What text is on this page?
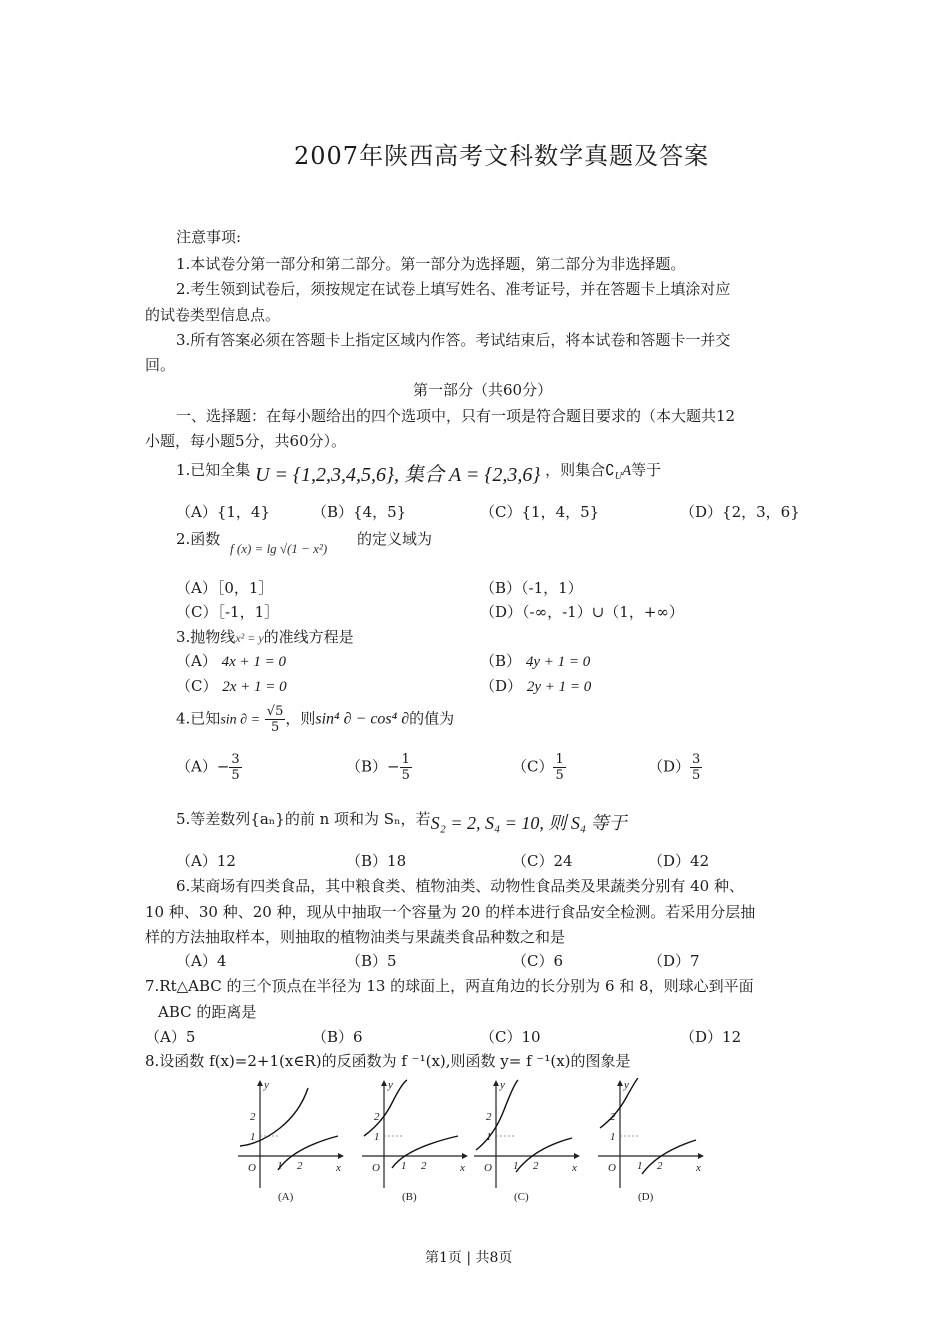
2007年陕西高考文科数学真题及答案
注意事项:
1.本试卷分第一部分和第二部分。第一部分为选择题，第二部分为非选择题。
2.考生领到试卷后，须按规定在试卷上填写姓名、准考证号，并在答题卡上填涂对应
的试卷类型信息点。
3.所有答案必须在答题卡上指定区域内作答。考试结束后，将本试卷和答题卡一并交
回。
第一部分（共60分）
一、选择题：在每小题给出的四个选项中，只有一项是符合题目要求的（本大题共12
小题，每小题5分，共60分）。
1.已知全集 U = {1,2,3,4,5,6}, 集合 A = {2,3,6} ，则集合$∁_UA$等于
（A）{1，4}	（B）{4，5}	（C）{1，4，5}	（D）{2，3，6}
2.函数
f (x) = lg √(1 − x²)
的定义域为
（A）［0，1］	（B）（-1，1）
（C）［-1，1］	（D）（-∞，-1）∪（1，+∞）
3.抛物线x² = y的准线方程是
（A） 4x + 1 = 0	（B） 4y + 1 = 0
（C） 2x + 1 = 0	（D） 2y + 1 = 0
4.已知sin ∂ = $\frac{√5}{5}$ ，则sin⁴ ∂ − cos⁴ ∂的值为
$(A)- \frac{3}{5}$	$(B)- \frac{1}{5}$	$(C) \frac{1}{5}$	$(D) \frac{3}{5}$
5.等差数列{aₙ}的前 n 项和为 Sₙ，若S₂ = 2, S₄ = 10, 则 S₄ 等于
（A）12	（B）18	（C）24	（D）42
6.某商场有四类食品，其中粮食类、植物油类、动物性食品类及果蔬类分别有 40 种、
10 种、30 种、20 种，现从中抽取一个容量为 20 的样本进行食品安全检测。若采用分层抽
样的方法抽取样本，则抽取的植物油类与果蔬类食品种数之和是
（A）4	（B）5	（C）6	（D）7
7.Rt△ABC 的三个顶点在半径为 13 的球面上，两直角边的长分别为 6 和 8，则球心到平面
ABC 的距离是
（A）5	（B）6	（C）10	（D）12
8.设函数 f(x)=2+1(x∈R)的反函数为 f ⁻¹(x),则函数 y= f ⁻¹(x)的图象是
y
x
O
2
1
1 2
(A)
y
x
O
2
1
1 2
(B)
y
x
O
2
1
1 2
(C)
y
x
O
2
1
1 2
(D)
第1页 | 共8页
